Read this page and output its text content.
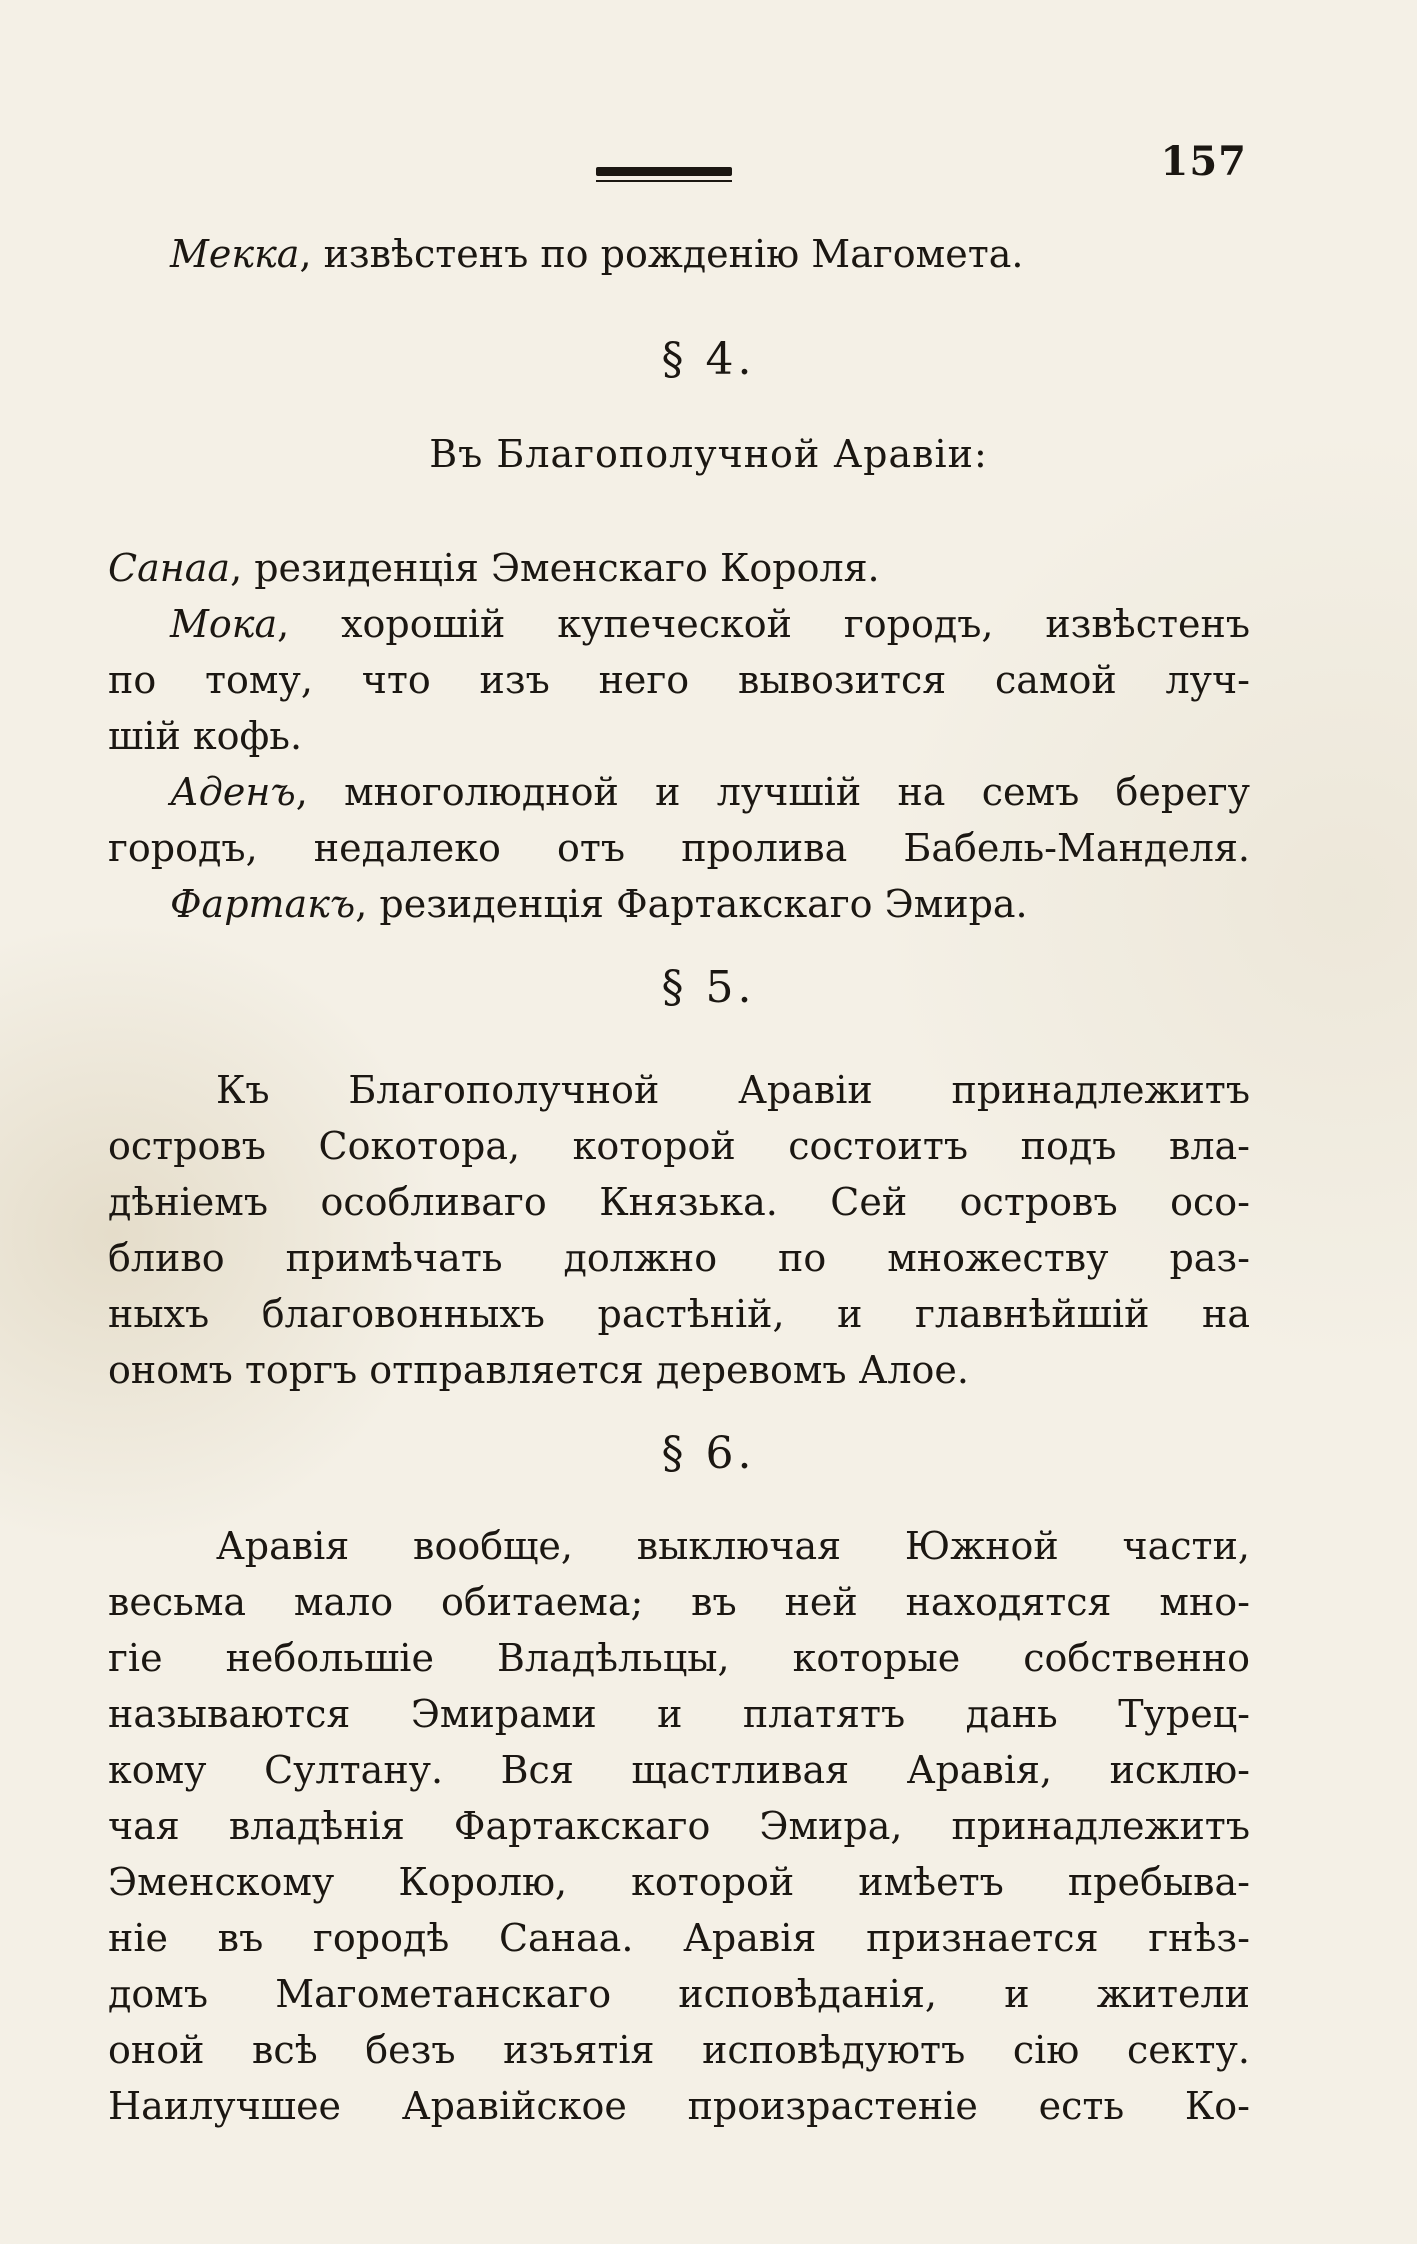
157
Мекка, извѣстенъ по рожденію Магомета.
§ 4.
Въ Благополучной Аравіи:
Санаа, резиденція Эменскаго Короля.
Мока, хорошій купеческой городъ, извѣстенъ
по тому, что изъ него вывозится самой луч-
шій кофь.
Аденъ, многолюдной и лучшій на семъ берегу
городъ, недалеко отъ пролива Бабель-Манделя.
Фартакъ, резиденція Фартакскаго Эмира.
§ 5.
Къ Благополучной Аравіи принадлежитъ
островъ Сокотора, которой состоитъ подъ вла-
дѣніемъ особливаго Князька. Сей островъ осо-
бливо примѣчать должно по множеству раз-
ныхъ благовонныхъ растѣній, и главнѣйшій на
ономъ торгъ отправляется деревомъ Алое.
§ 6.
Аравія вообще, выключая Южной части,
весьма мало обитаема; въ ней находятся мно-
гіе небольшіе Владѣльцы, которые собственно
называются Эмирами и платятъ дань Турец-
кому Султану. Вся щастливая Аравія, исклю-
чая владѣнія Фартакскаго Эмира, принадлежитъ
Эменскому Королю, которой имѣетъ пребыва-
ніе въ городѣ Санаа. Аравія признается гнѣз-
домъ Магометанскаго исповѣданія, и жители
оной всѣ безъ изъятія исповѣдуютъ сію секту.
Наилучшее Аравійское произрастеніе есть Ко-
